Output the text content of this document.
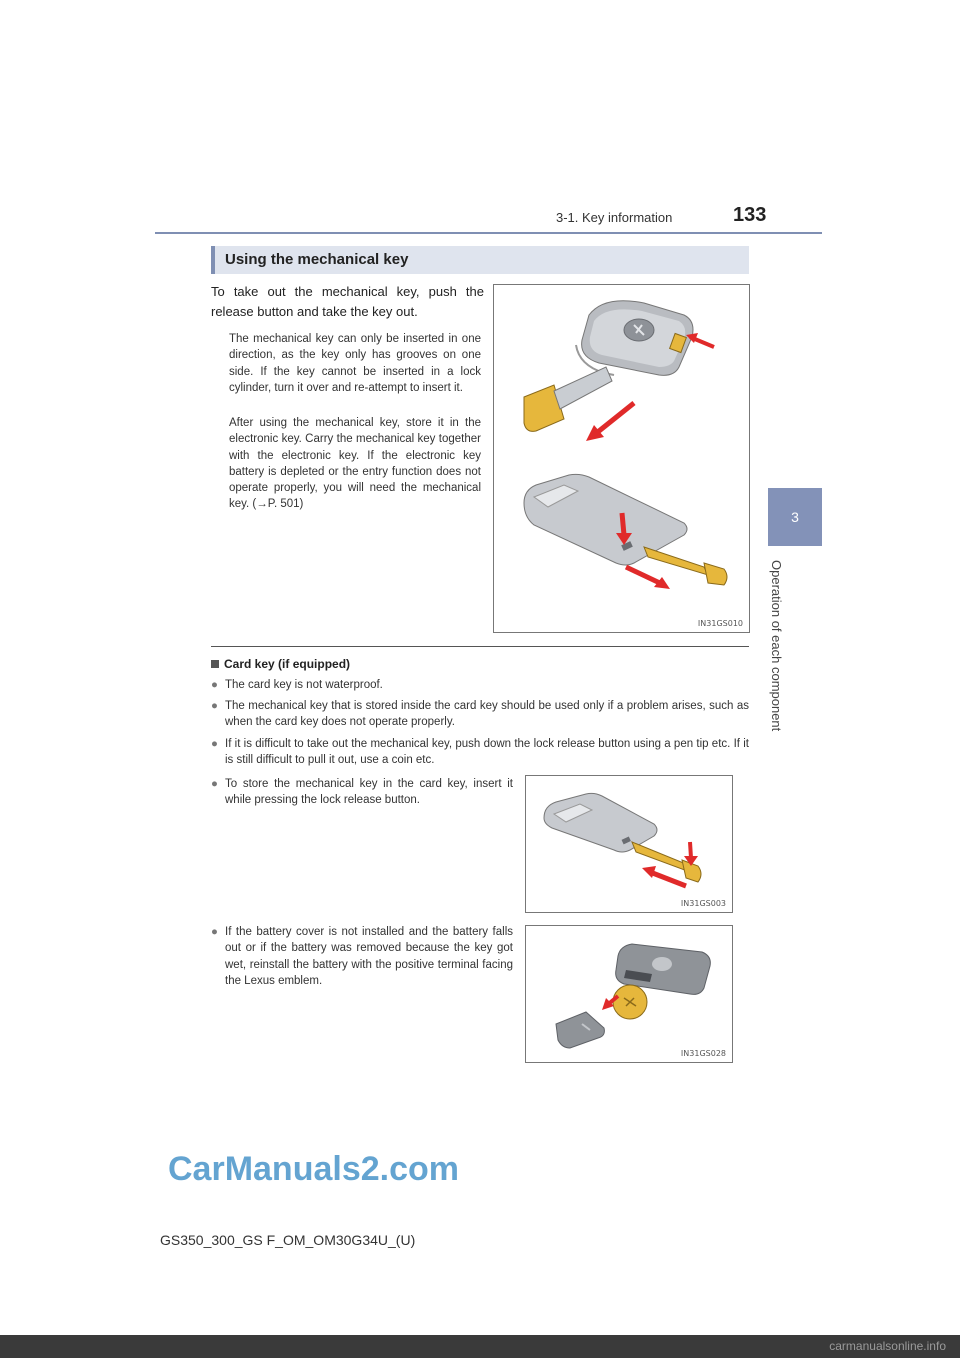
3-1. Key information	133
3
Operation of each component
Using the mechanical key
To take out the mechanical key, push the release button and take the key out.
The mechanical key can only be inserted in one direction, as the key only has grooves on one side. If the key cannot be inserted in a lock cylinder, turn it over and re-attempt to insert it.
After using the mechanical key, store it in the electronic key. Carry the mechanical key together with the electronic key. If the electronic key battery is depleted or the entry function does not operate properly, you will need the mechanical key. (→P. 501)
IN31GS010
Card key (if equipped)
● The card key is not waterproof.
● The mechanical key that is stored inside the card key should be used only if a problem arises, such as when the card key does not operate properly.
● If it is difficult to take out the mechanical key, push down the lock release button using a pen tip etc. If it is still difficult to pull it out, use a coin etc.
● To store the mechanical key in the card key, insert it while pressing the lock release button.
IN31GS003
● If the battery cover is not installed and the battery falls out or if the battery was removed because the key got wet, reinstall the battery with the positive terminal facing the Lexus emblem.
IN31GS028
CarManuals2.com
GS350_300_GS F_OM_OM30G34U_(U)
carmanualsonline.info
